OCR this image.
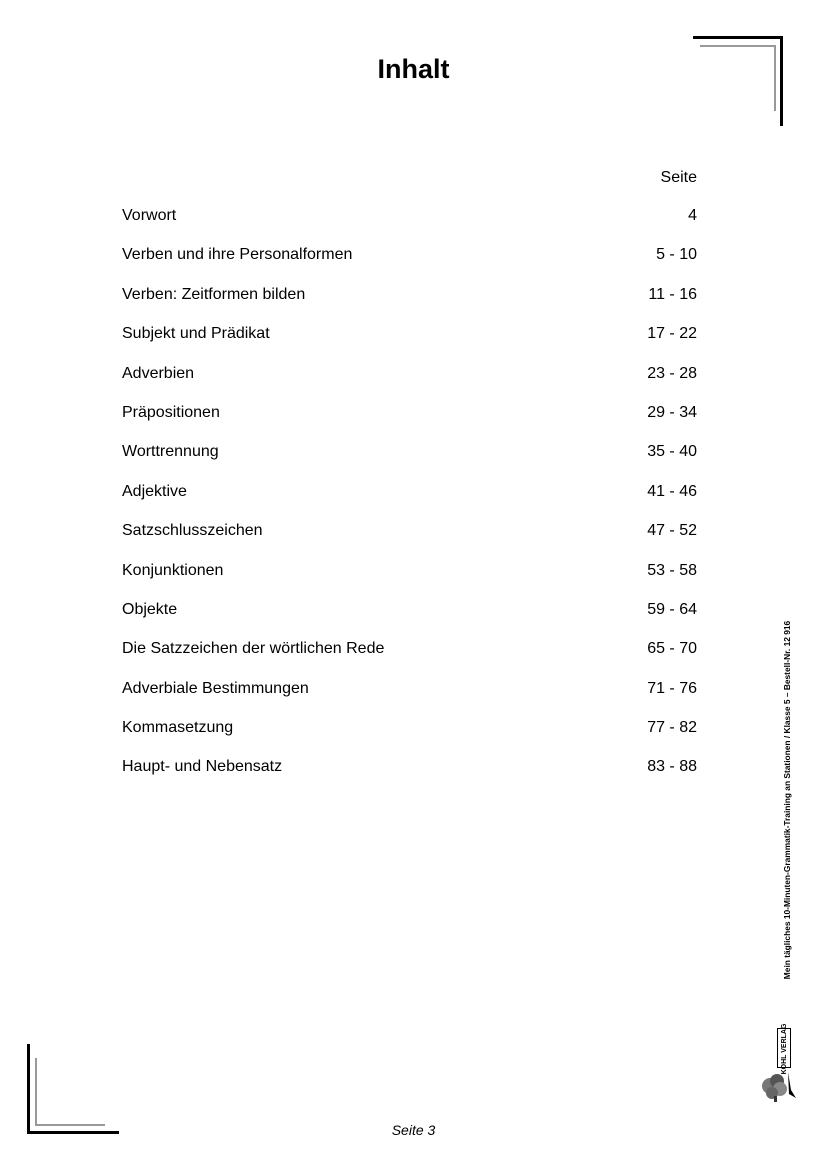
Inhalt
Seite
Vorwort	4
Verben und ihre Personalformen	5 - 10
Verben: Zeitformen bilden	11 - 16
Subjekt und Prädikat	17 - 22
Adverbien	23 - 28
Präpositionen	29 - 34
Worttrennung	35 - 40
Adjektive	41 - 46
Satzschlusszeichen	47 - 52
Konjunktionen	53 - 58
Objekte	59 - 64
Die Satzzeichen der wörtlichen Rede	65 - 70
Adverbiale Bestimmungen	71 - 76
Kommasetzung	77 - 82
Haupt- und Nebensatz	83 - 88	Mein tägliches 10-Minuten-Grammatik-Training an Stationen / Klasse 5 – Bestell-Nr. 12 916
KOHL VERLAG
Seite 3
